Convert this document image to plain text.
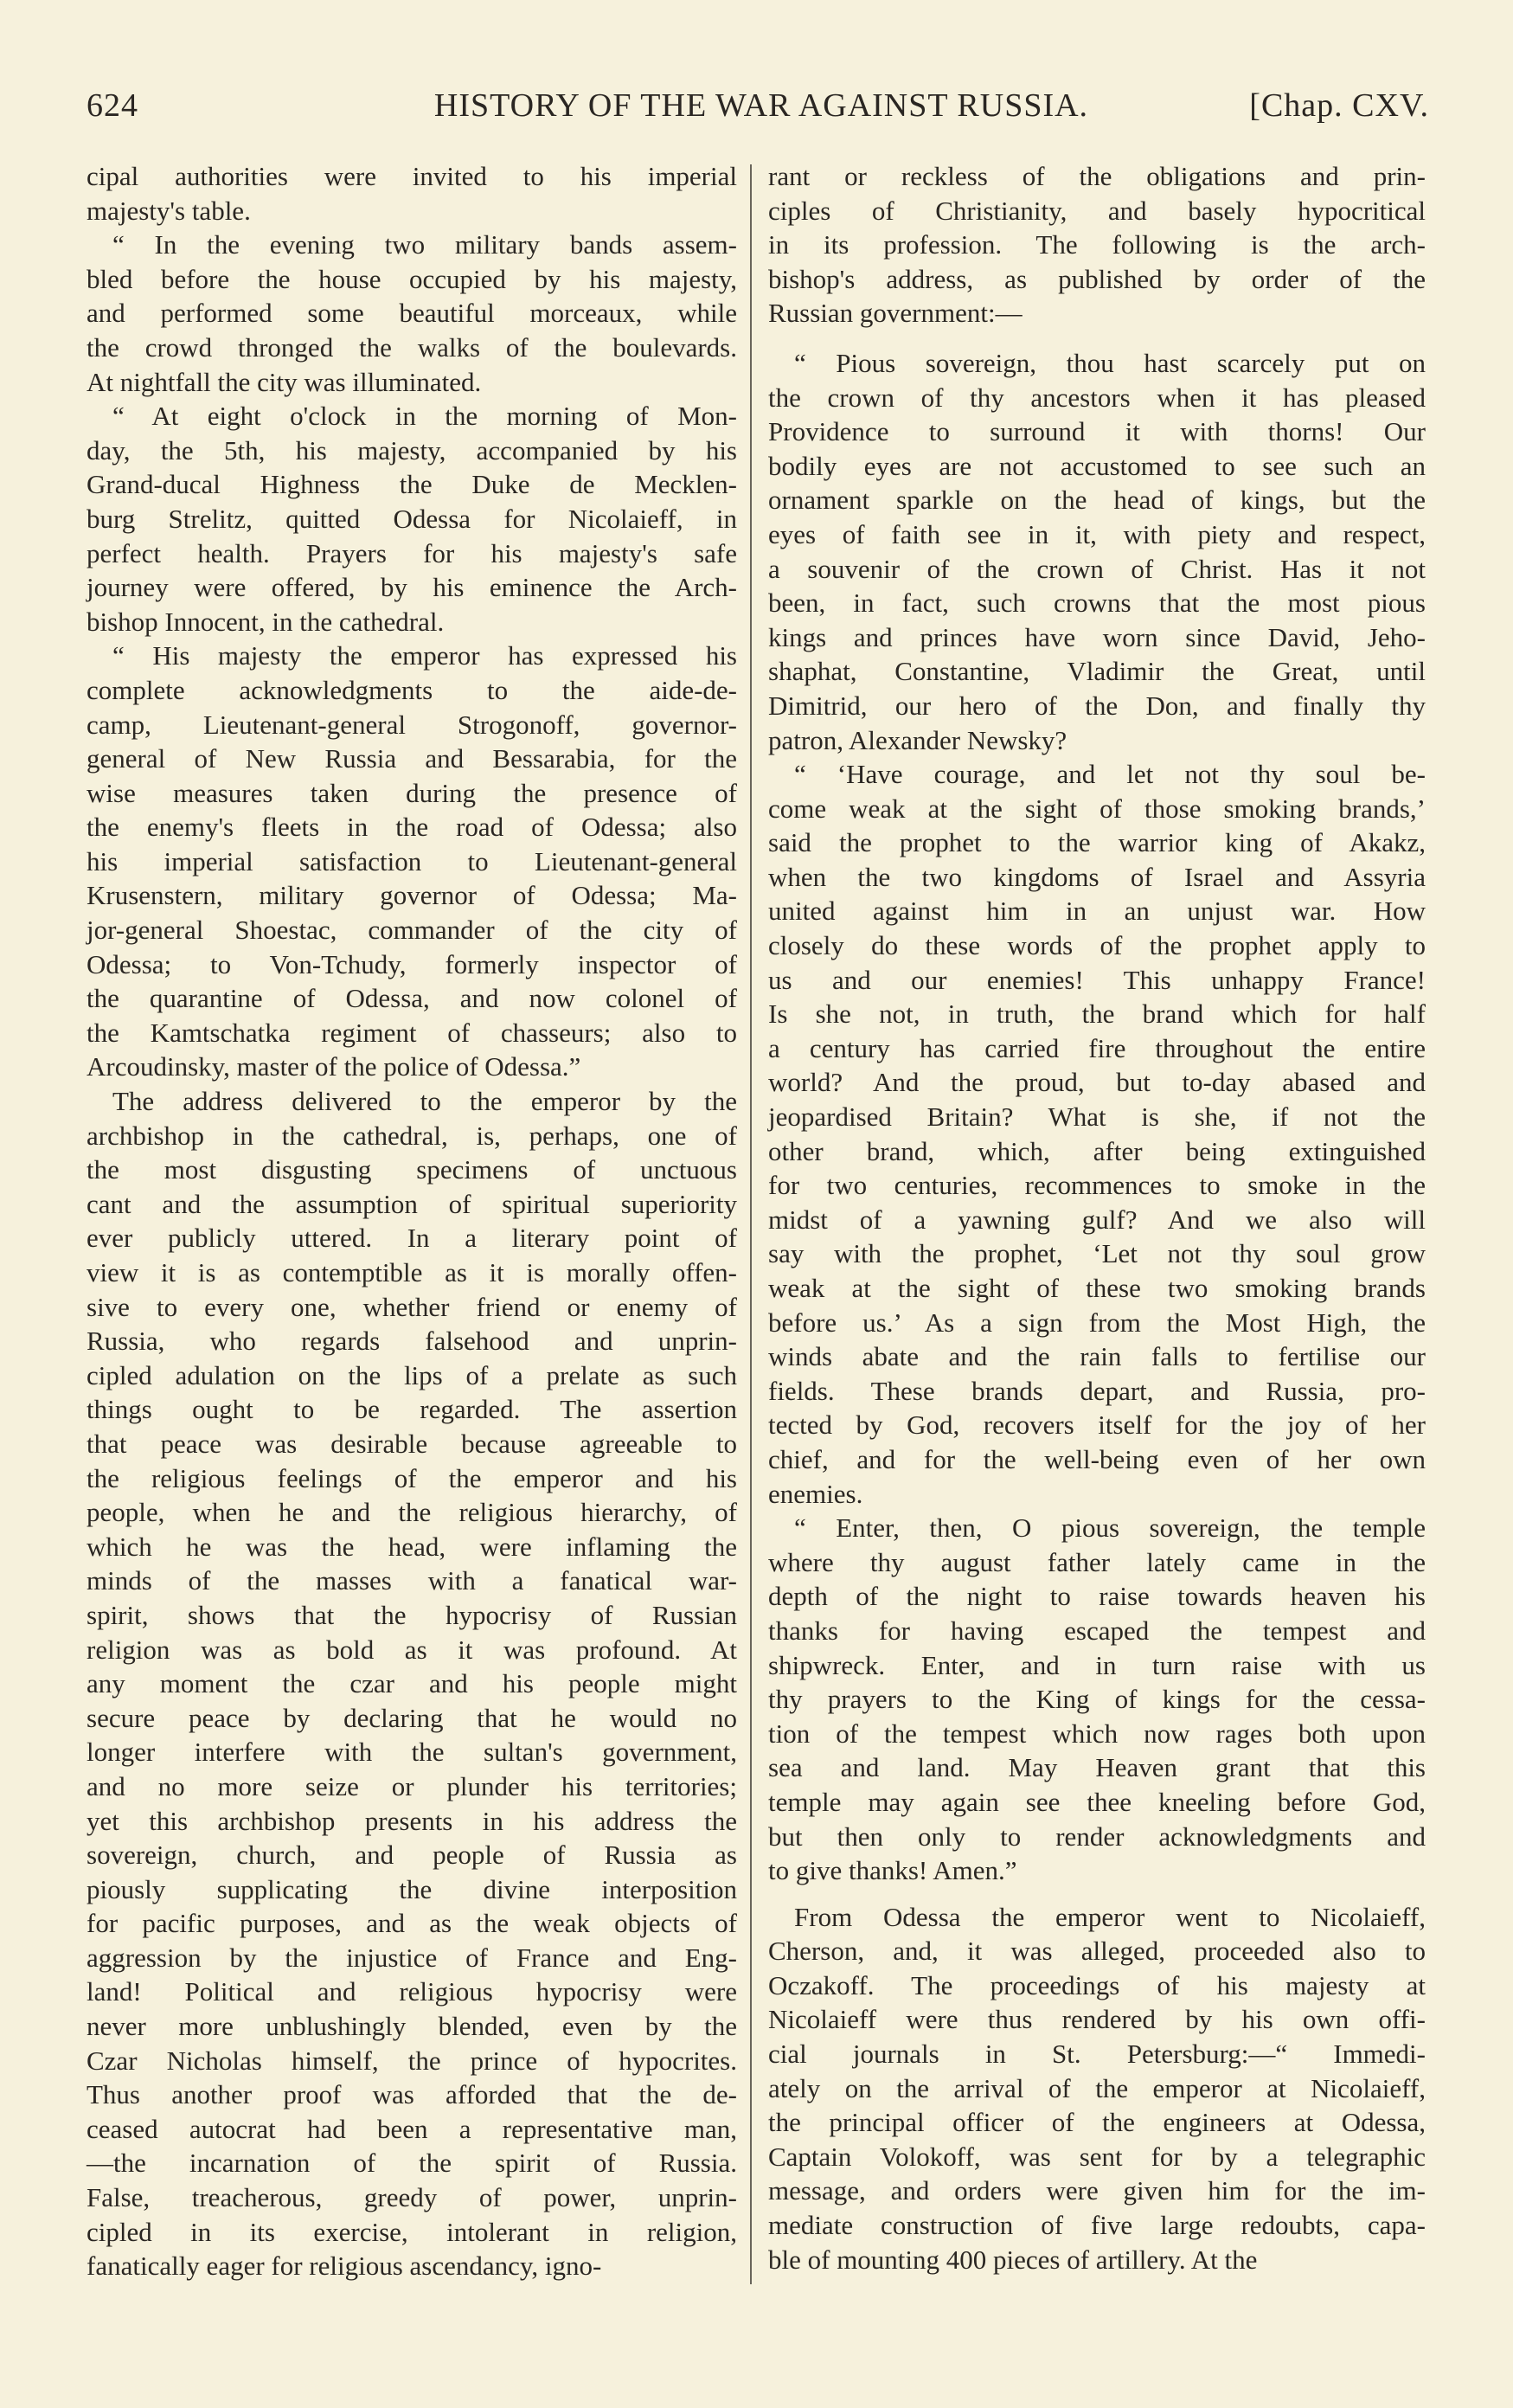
624	HISTORY OF THE WAR AGAINST RUSSIA.	[Chap. CXV.
cipal authorities were invited to his imperial
majesty's table.
“ In the evening two military bands assem-
bled before the house occupied by his majesty,
and performed some beautiful morceaux, while
the crowd thronged the walks of the boulevards.
At nightfall the city was illuminated.
“ At eight o'clock in the morning of Mon-
day, the 5th, his majesty, accompanied by his
Grand-ducal Highness the Duke de Mecklen-
burg Strelitz, quitted Odessa for Nicolaieff, in
perfect health. Prayers for his majesty's safe
journey were offered, by his eminence the Arch-
bishop Innocent, in the cathedral.
“ His majesty the emperor has expressed his
complete acknowledgments to the aide-de-
camp, Lieutenant-general Strogonoff, governor-
general of New Russia and Bessarabia, for the
wise measures taken during the presence of
the enemy's fleets in the road of Odessa; also
his imperial satisfaction to Lieutenant-general
Krusenstern, military governor of Odessa; Ma-
jor-general Shoestac, commander of the city of
Odessa; to Von-Tchudy, formerly inspector of
the quarantine of Odessa, and now colonel of
the Kamtschatka regiment of chasseurs; also to
Arcoudinsky, master of the police of Odessa.”
The address delivered to the emperor by the
archbishop in the cathedral, is, perhaps, one of
the most disgusting specimens of unctuous
cant and the assumption of spiritual superiority
ever publicly uttered. In a literary point of
view it is as contemptible as it is morally offen-
sive to every one, whether friend or enemy of
Russia, who regards falsehood and unprin-
cipled adulation on the lips of a prelate as such
things ought to be regarded. The assertion
that peace was desirable because agreeable to
the religious feelings of the emperor and his
people, when he and the religious hierarchy, of
which he was the head, were inflaming the
minds of the masses with a fanatical war-
spirit, shows that the hypocrisy of Russian
religion was as bold as it was profound. At
any moment the czar and his people might
secure peace by declaring that he would no
longer interfere with the sultan's government,
and no more seize or plunder his territories;
yet this archbishop presents in his address the
sovereign, church, and people of Russia as
piously supplicating the divine interposition
for pacific purposes, and as the weak objects of
aggression by the injustice of France and Eng-
land! Political and religious hypocrisy were
never more unblushingly blended, even by the
Czar Nicholas himself, the prince of hypocrites.
Thus another proof was afforded that the de-
ceased autocrat had been a representative man,
—the incarnation of the spirit of Russia.
False, treacherous, greedy of power, unprin-
cipled in its exercise, intolerant in religion,
fanatically eager for religious ascendancy, igno-
rant or reckless of the obligations and prin-
ciples of Christianity, and basely hypocritical
in its profession. The following is the arch-
bishop's address, as published by order of the
Russian government:—
“ Pious sovereign, thou hast scarcely put on
the crown of thy ancestors when it has pleased
Providence to surround it with thorns! Our
bodily eyes are not accustomed to see such an
ornament sparkle on the head of kings, but the
eyes of faith see in it, with piety and respect,
a souvenir of the crown of Christ. Has it not
been, in fact, such crowns that the most pious
kings and princes have worn since David, Jeho-
shaphat, Constantine, Vladimir the Great, until
Dimitrid, our hero of the Don, and finally thy
patron, Alexander Newsky?
“ ‘Have courage, and let not thy soul be-
come weak at the sight of those smoking brands,’
said the prophet to the warrior king of Akakz,
when the two kingdoms of Israel and Assyria
united against him in an unjust war. How
closely do these words of the prophet apply to
us and our enemies! This unhappy France!
Is she not, in truth, the brand which for half
a century has carried fire throughout the entire
world? And the proud, but to-day abased and
jeopardised Britain? What is she, if not the
other brand, which, after being extinguished
for two centuries, recommences to smoke in the
midst of a yawning gulf? And we also will
say with the prophet, ‘Let not thy soul grow
weak at the sight of these two smoking brands
before us.’ As a sign from the Most High, the
winds abate and the rain falls to fertilise our
fields. These brands depart, and Russia, pro-
tected by God, recovers itself for the joy of her
chief, and for the well-being even of her own
enemies.
“ Enter, then, O pious sovereign, the temple
where thy august father lately came in the
depth of the night to raise towards heaven his
thanks for having escaped the tempest and
shipwreck. Enter, and in turn raise with us
thy prayers to the King of kings for the cessa-
tion of the tempest which now rages both upon
sea and land. May Heaven grant that this
temple may again see thee kneeling before God,
but then only to render acknowledgments and
to give thanks! Amen.”
From Odessa the emperor went to Nicolaieff,
Cherson, and, it was alleged, proceeded also to
Oczakoff. The proceedings of his majesty at
Nicolaieff were thus rendered by his own offi-
cial journals in St. Petersburg:—“ Immedi-
ately on the arrival of the emperor at Nicolaieff,
the principal officer of the engineers at Odessa,
Captain Volokoff, was sent for by a telegraphic
message, and orders were given him for the im-
mediate construction of five large redoubts, capa-
ble of mounting 400 pieces of artillery. At the
